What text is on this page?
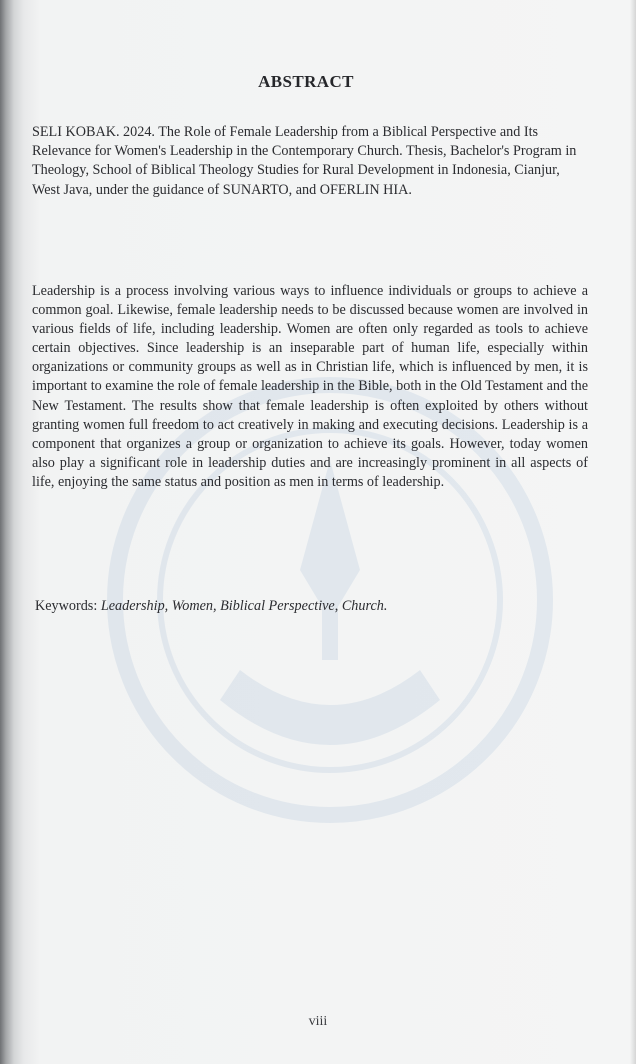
ABSTRACT
SELI KOBAK. 2024. The Role of Female Leadership from a Biblical Perspective and Its Relevance for Women's Leadership in the Contemporary Church. Thesis, Bachelor's Program in Theology, School of Biblical Theology Studies for Rural Development in Indonesia, Cianjur, West Java, under the guidance of SUNARTO, and OFERLIN HIA.
Leadership is a process involving various ways to influence individuals or groups to achieve a common goal. Likewise, female leadership needs to be discussed because women are involved in various fields of life, including leadership. Women are often only regarded as tools to achieve certain objectives. Since leadership is an inseparable part of human life, especially within organizations or community groups as well as in Christian life, which is influenced by men, it is important to examine the role of female leadership in the Bible, both in the Old Testament and the New Testament. The results show that female leadership is often exploited by others without granting women full freedom to act creatively in making and executing decisions. Leadership is a component that organizes a group or organization to achieve its goals. However, today women also play a significant role in leadership duties and are increasingly prominent in all aspects of life, enjoying the same status and position as men in terms of leadership.
Keywords: Leadership, Women, Biblical Perspective, Church.
viii
